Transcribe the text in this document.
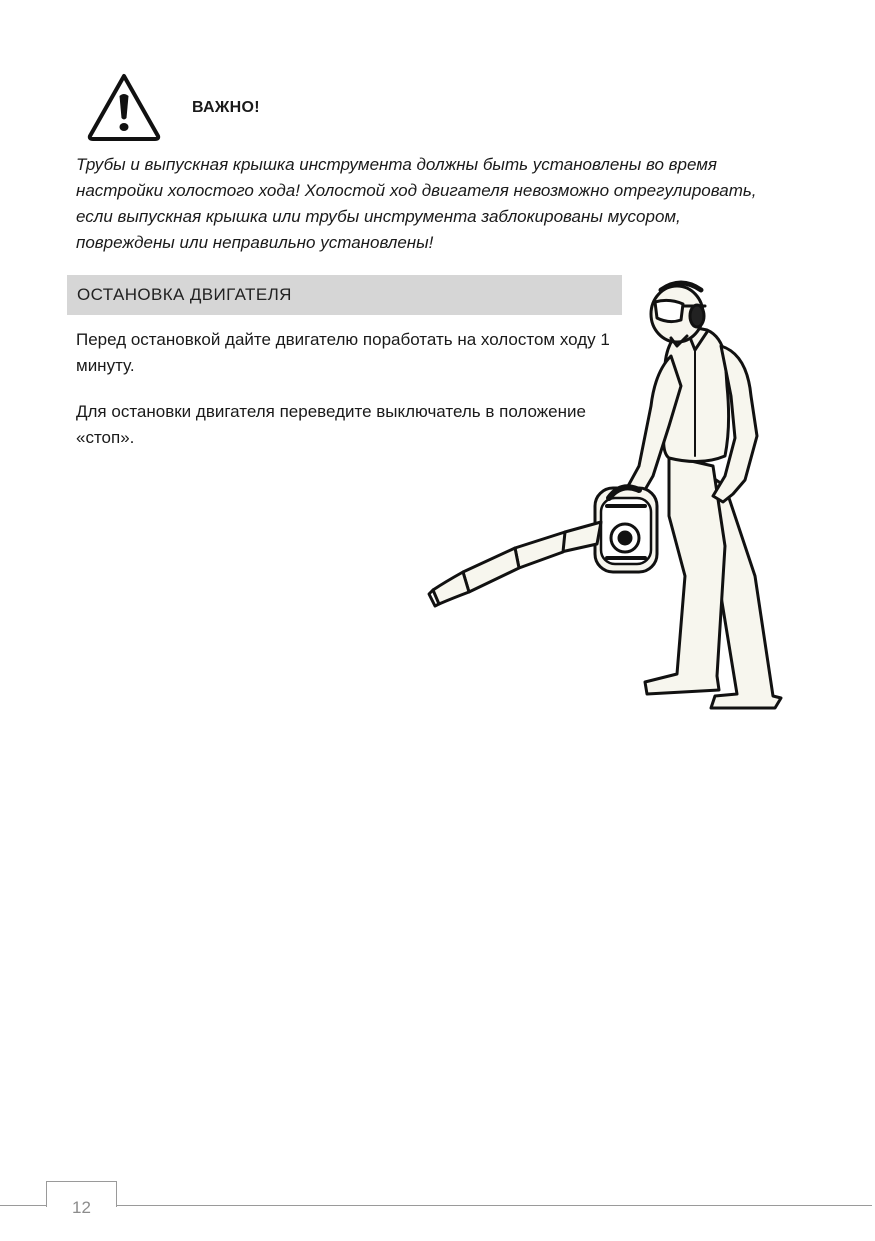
ВАЖНО!

Трубы и выпускная крышка инструмента должны быть установлены во время настройки холостого хода! Холостой ход двигателя невозможно отрегулировать, если выпускная крышка или трубы инструмента заблокированы мусором, повреждены или неправильно установлены!

ОСТАНОВКА ДВИГАТЕЛЯ

Перед остановкой дайте двигателю поработать на холостом ходу 1 минуту.

Для остановки двигателя переведите выключатель в положение «стоп».

12
